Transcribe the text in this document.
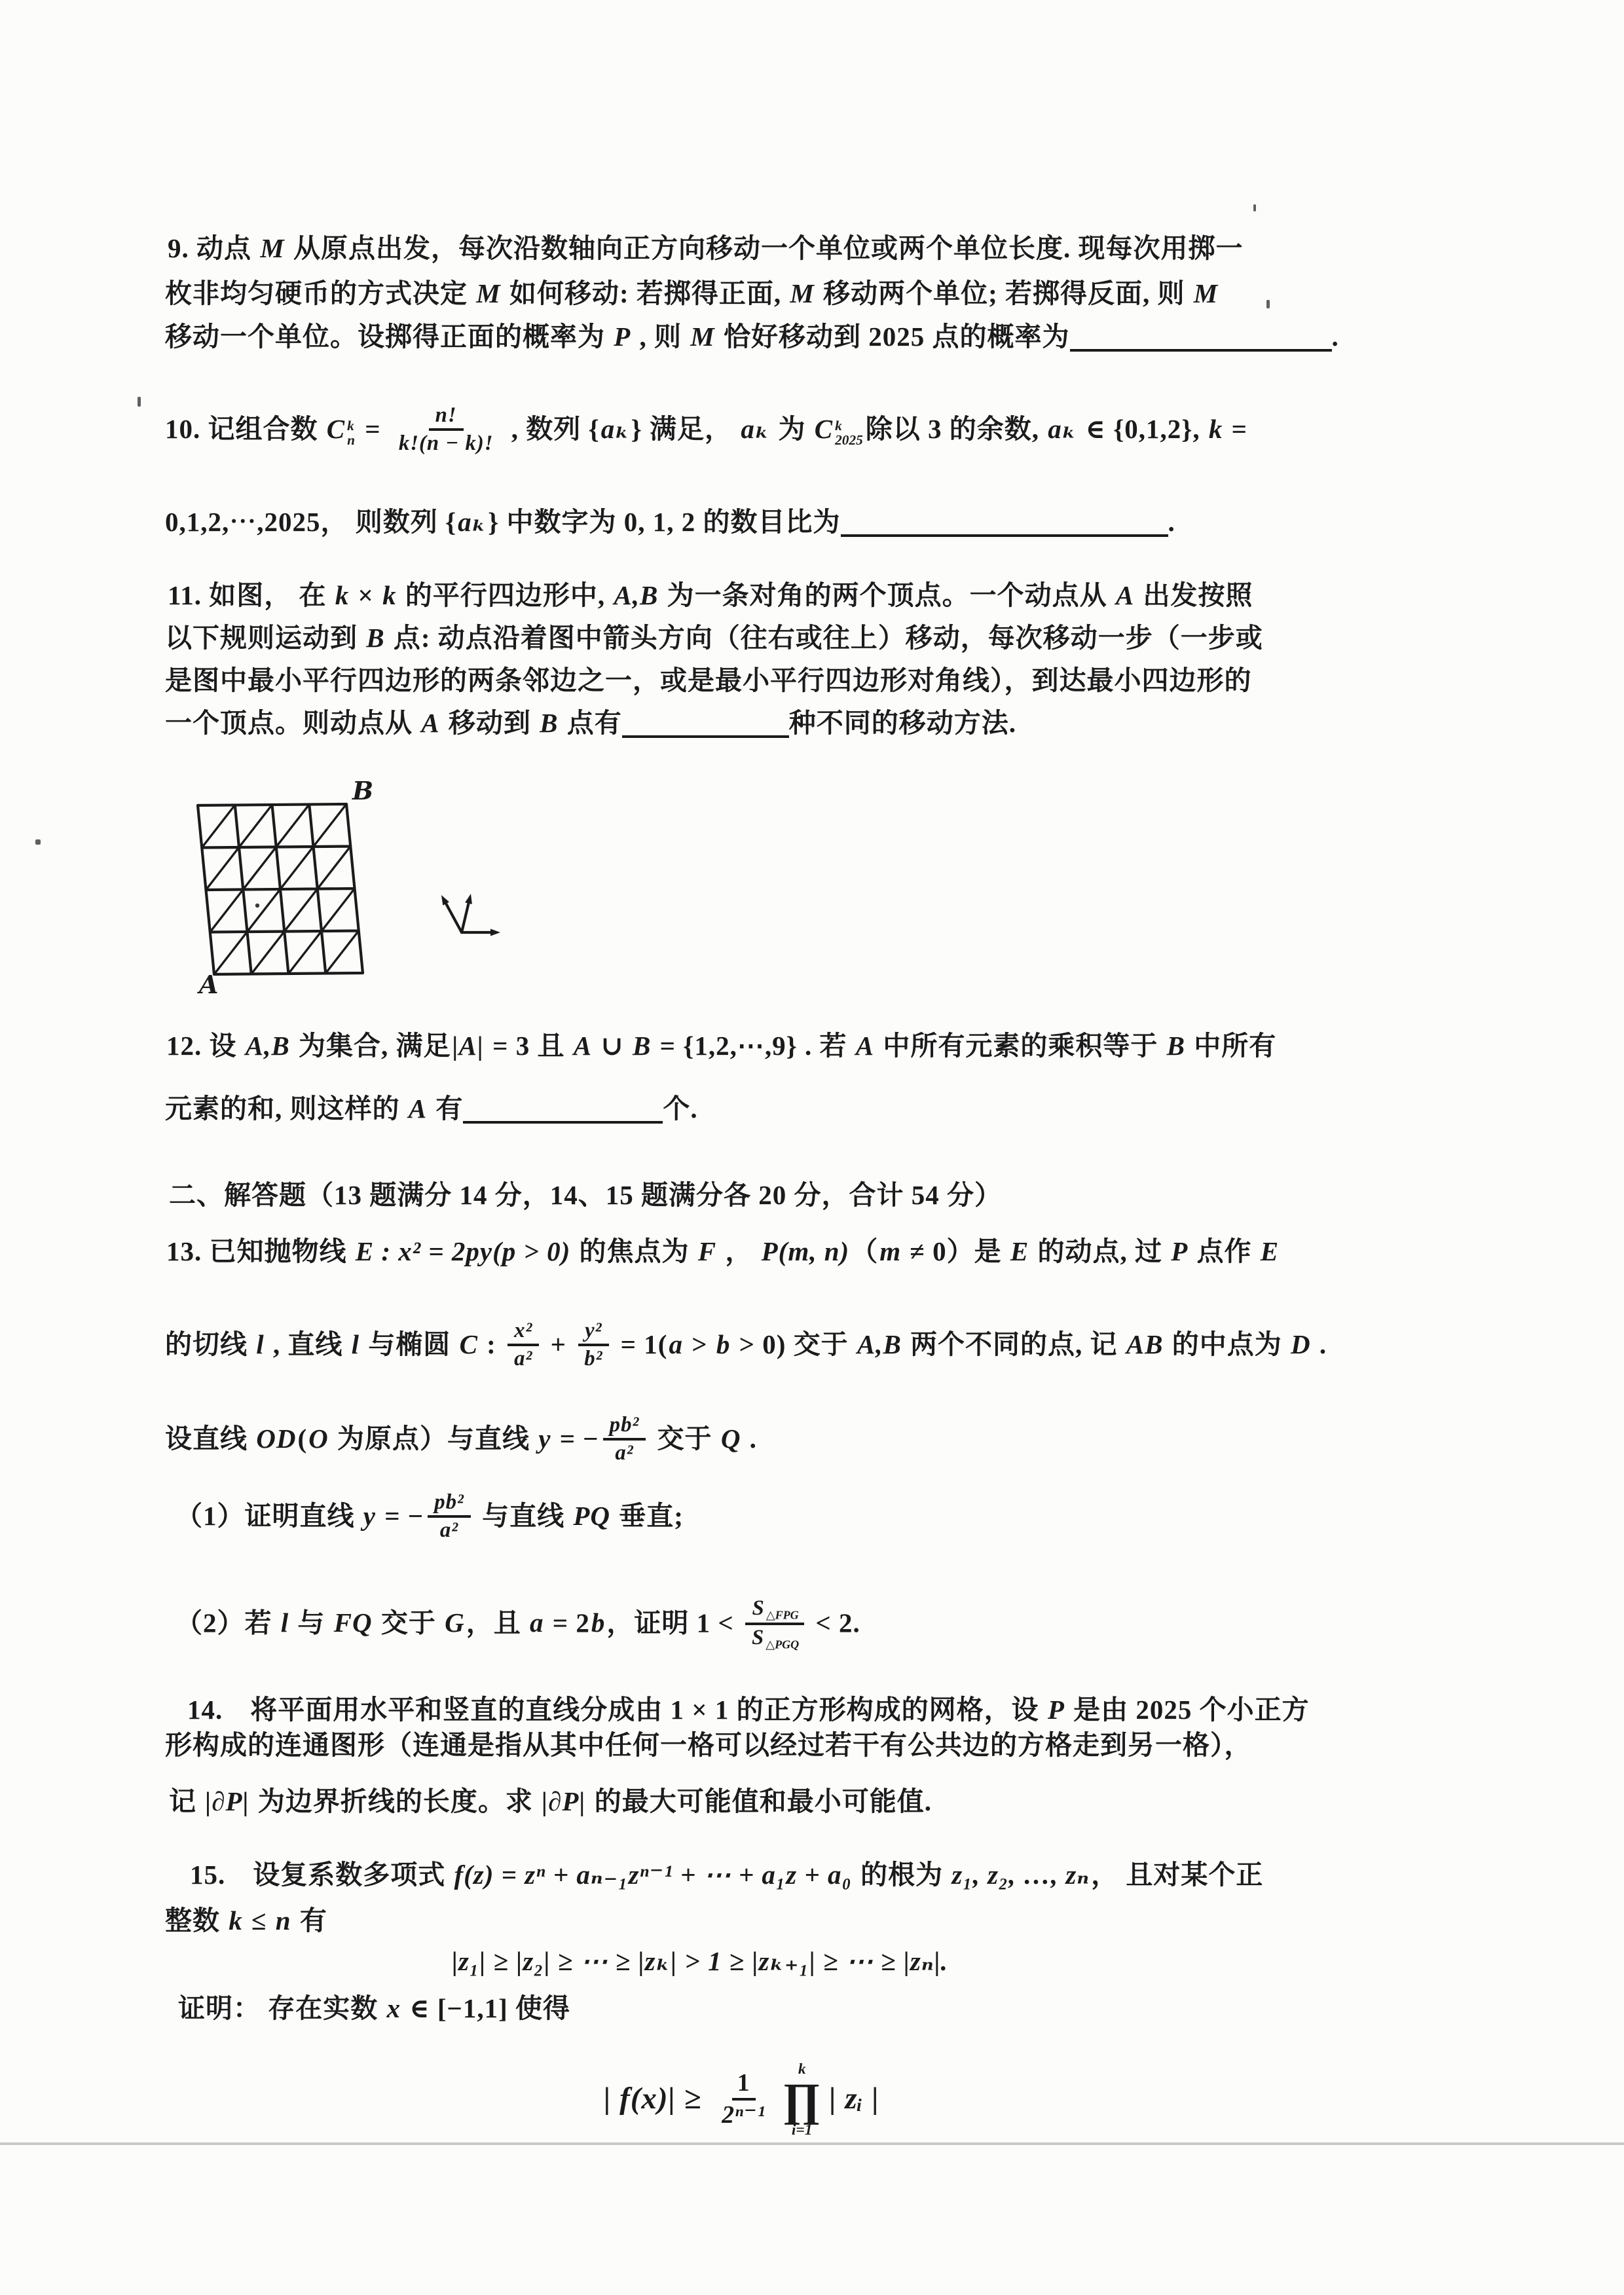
B
A
9. 动点 M 从原点出发，每次沿数轴向正方向移动一个单位或两个单位长度. 现每次用掷一
枚非均匀硬币的方式决定 M 如何移动: 若掷得正面, M 移动两个单位; 若掷得反面, 则 M
移动一个单位。设掷得正面的概率为 P , 则 M 恰好移动到 2025 点的概率为	.
10. 记组合数 C k
$n = \frac{n!}{k!(n - k)!}$ , 数列 {aₖ} 满足， aₖ 为 C k
2025 除以 3 的余数, aₖ ∈ {0,1,2}, k =
0,1,2,⋯,2025， 则数列 {aₖ} 中数字为 0, 1, 2 的数目比为	.
11. 如图， 在 k × k 的平行四边形中, A,B 为一条对角的两个顶点。一个动点从 A 出发按照
以下规则运动到 B 点: 动点沿着图中箭头方向（往右或往上）移动，每次移动一步（一步或
是图中最小平行四边形的两条邻边之一，或是最小平行四边形对角线），到达最小四边形的
一个顶点。则动点从 A 移动到 B 点有	种不同的移动方法.
12. 设 A,B 为集合, 满足|A| = 3 且 A ∪ B = {1,2,⋯,9} . 若 A 中所有元素的乘积等于 B 中所有
元素的和, 则这样的 A 有	个.
二、解答题（13 题满分 14 分，14、15 题满分各 20 分，合计 54 分）
13. 已知抛物线 E : x² = 2py(p > 0) 的焦点为 F ， P(m, n)（m ≠ 0）是 E 的动点, 过 P 点作 E
的切线 l , 直线 l 与椭圆 C : $\frac{\text{x²}}{\text{a²}} + \frac{\text{y²}}{\text{b²}} = 1(a > b > 0)$ 交于 A,B 两个不同的点, 记 AB 的中点为 D .
设直线 OD(O 为原点）与直线 y = − $\frac{\text{pb²}}{\text{a²}}$ 交于 Q .
（1）证明直线 y = − $\frac{\text{pb²}}{\text{a²}}$ 与直线 PQ 垂直;
（2）若 l 与 FQ 交于 G，且 a = 2b，证明 $1 < \frac{\text{S △FPG}}{\text{S △PGQ}} < 2$.
14.　将平面用水平和竖直的直线分成由 1 × 1 的正方形构成的网格，设 P 是由 2025 个小正方
形构成的连通图形（连通是指从其中任何一格可以经过若干有公共边的方格走到另一格），
记 |∂P| 为边界折线的长度。求 |∂P| 的最大可能值和最小可能值.
15.　设复系数多项式 f(z) = zⁿ + aₙ₋₁zⁿ⁻¹ + ⋯ + a₁z + a₀ 的根为 z₁, z₂, …, zₙ， 且对某个正
整数 k ≤ n 有
|z₁| ≥ |z₂| ≥ ⋯ ≥ |zₖ| > 1 ≥ |zₖ₊₁| ≥ ⋯ ≥ |zₙ|.
证明： 存在实数 x ∈ [−1,1] 使得
| $f(x)| \ge \frac{1}{\text{2ⁿ⁻¹}}$ k
∏
i=1
| zᵢ |
